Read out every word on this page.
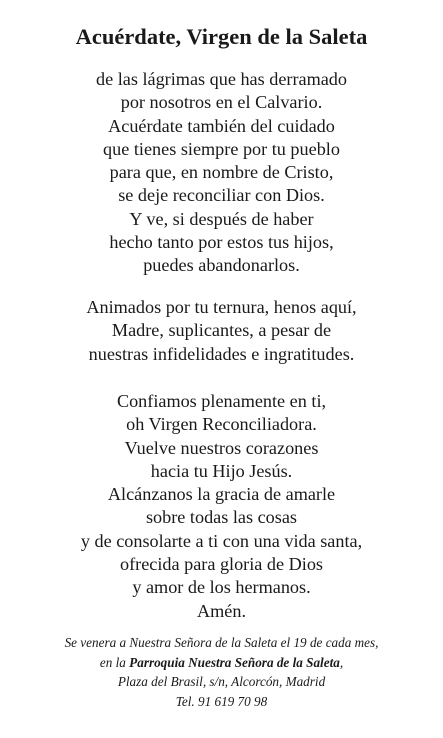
Acuérdate, Virgen de la Saleta
de las lágrimas que has derramado
por nosotros en el Calvario.
Acuérdate también del cuidado
que tienes siempre por tu pueblo
para que, en nombre de Cristo,
se deje reconciliar con Dios.
Y ve, si después de haber
hecho tanto por estos tus hijos,
puedes abandonarlos.
Animados por tu ternura, henos aquí,
Madre, suplicantes, a pesar de
nuestras infidelidades e ingratitudes.
Confiamos plenamente en ti,
oh Virgen Reconciliadora.
Vuelve nuestros corazones
hacia tu Hijo Jesús.
Alcánzanos la gracia de amarle
sobre todas las cosas
y de consolarte a ti con una vida santa,
ofrecida para gloria de Dios
y amor de los hermanos.
Amén.
Se venera a Nuestra Señora de la Saleta el 19 de cada mes,
en la Parroquia Nuestra Señora de la Saleta,
Plaza del Brasil, s/n, Alcorcón, Madrid
Tel. 91 619 70 98
